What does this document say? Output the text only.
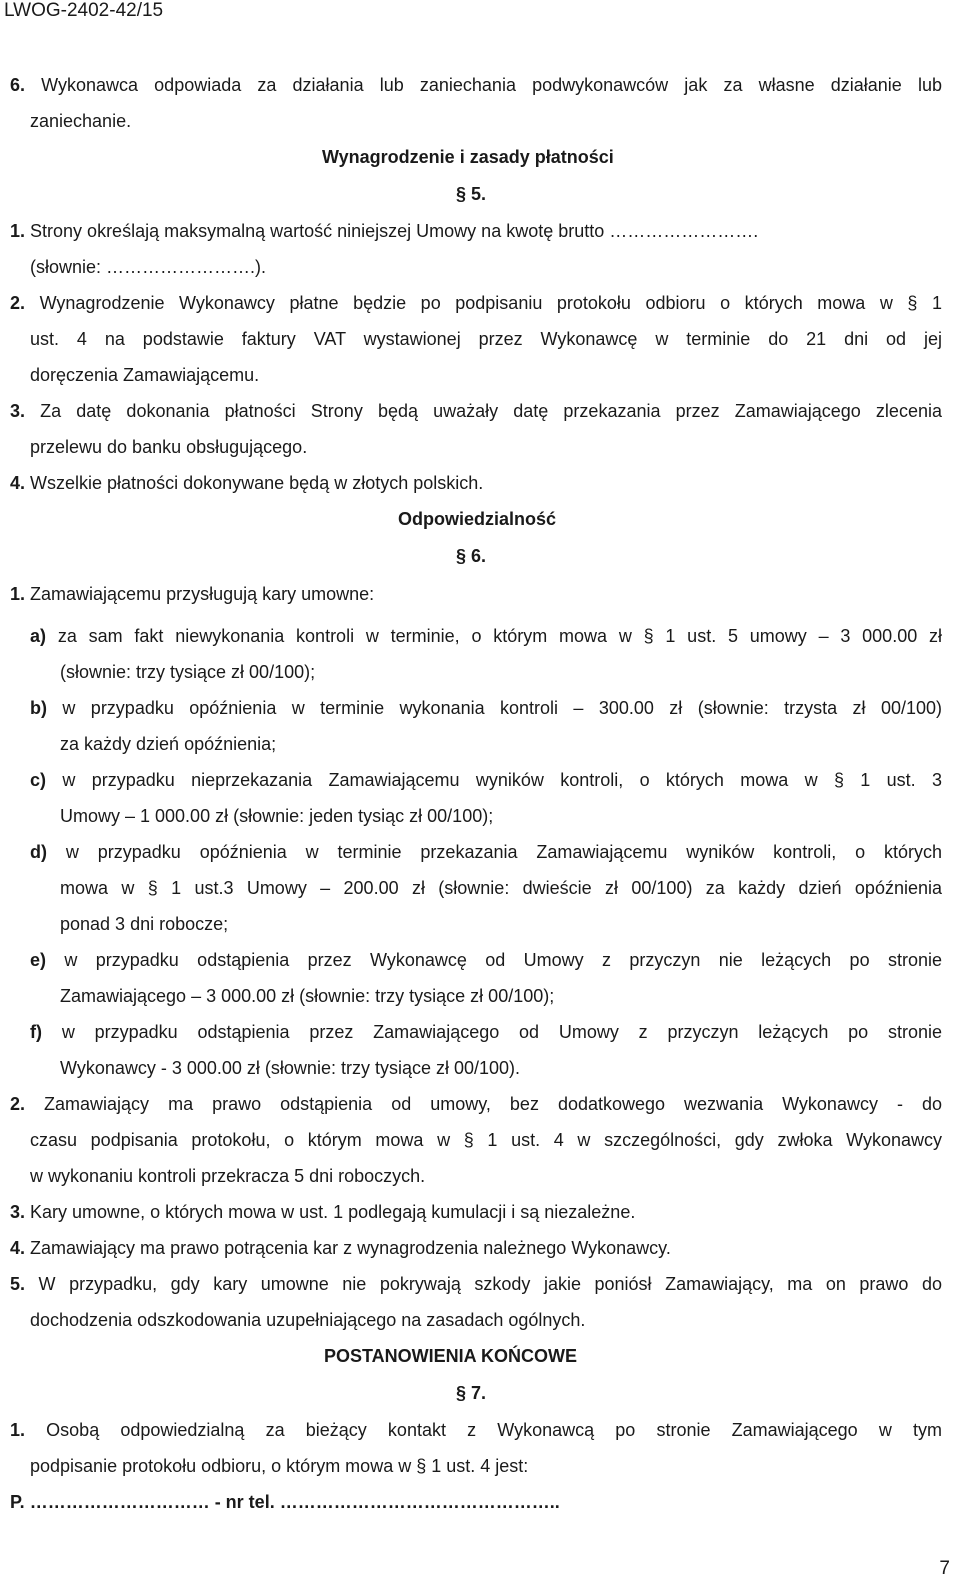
LWOG-2402-42/15
6. Wykonawca odpowiada za działania lub zaniechania podwykonawców jak za własne działanie lub
zaniechanie.
Wynagrodzenie i zasady płatności
§ 5.
1. Strony określają maksymalną wartość niniejszej Umowy na kwotę brutto …………………….
(słownie: …………………….).
2. Wynagrodzenie Wykonawcy płatne będzie po podpisaniu protokołu odbioru o których mowa w § 1
ust. 4 na podstawie faktury VAT wystawionej przez Wykonawcę w terminie do 21 dni od jej
doręczenia Zamawiającemu.
3. Za datę dokonania płatności Strony będą uważały datę przekazania przez Zamawiającego zlecenia
przelewu do banku obsługującego.
4. Wszelkie płatności dokonywane będą w złotych polskich.
Odpowiedzialność
§ 6.
1. Zamawiającemu przysługują kary umowne:
a) za sam fakt niewykonania kontroli w terminie, o którym mowa w § 1 ust. 5 umowy – 3 000.00 zł
(słownie: trzy tysiące zł 00/100);
b) w przypadku opóźnienia w terminie wykonania kontroli – 300.00 zł (słownie: trzysta zł 00/100)
za każdy dzień opóźnienia;
c) w przypadku nieprzekazania Zamawiającemu wyników kontroli, o których mowa w § 1 ust. 3
Umowy – 1 000.00 zł (słownie: jeden tysiąc zł 00/100);
d) w przypadku opóźnienia w terminie przekazania Zamawiającemu wyników kontroli, o których
mowa w § 1 ust.3 Umowy – 200.00 zł (słownie: dwieście zł 00/100) za każdy dzień opóźnienia
ponad 3 dni robocze;
e) w przypadku odstąpienia przez Wykonawcę od Umowy z przyczyn nie leżących po stronie
Zamawiającego – 3 000.00 zł (słownie: trzy tysiące zł 00/100);
f) w przypadku odstąpienia przez Zamawiającego od Umowy z przyczyn leżących po stronie
Wykonawcy - 3 000.00 zł (słownie: trzy tysiące zł 00/100).
2. Zamawiający ma prawo odstąpienia od umowy, bez dodatkowego wezwania Wykonawcy - do
czasu podpisania protokołu, o którym mowa w § 1 ust. 4 w szczególności, gdy zwłoka Wykonawcy
w wykonaniu kontroli przekracza 5 dni roboczych.
3. Kary umowne, o których mowa w ust. 1 podlegają kumulacji i są niezależne.
4. Zamawiający ma prawo potrącenia kar z wynagrodzenia należnego Wykonawcy.
5. W przypadku, gdy kary umowne nie pokrywają szkody jakie poniósł Zamawiający, ma on prawo do
dochodzenia odszkodowania uzupełniającego na zasadach ogólnych.
POSTANOWIENIA KOŃCOWE
§ 7.
1. Osobą odpowiedzialną za bieżący kontakt z Wykonawcą po stronie Zamawiającego w tym
podpisanie protokołu odbioru, o którym mowa w § 1 ust. 4 jest:
P. ………………………… - nr tel. ………………………………………..
7
